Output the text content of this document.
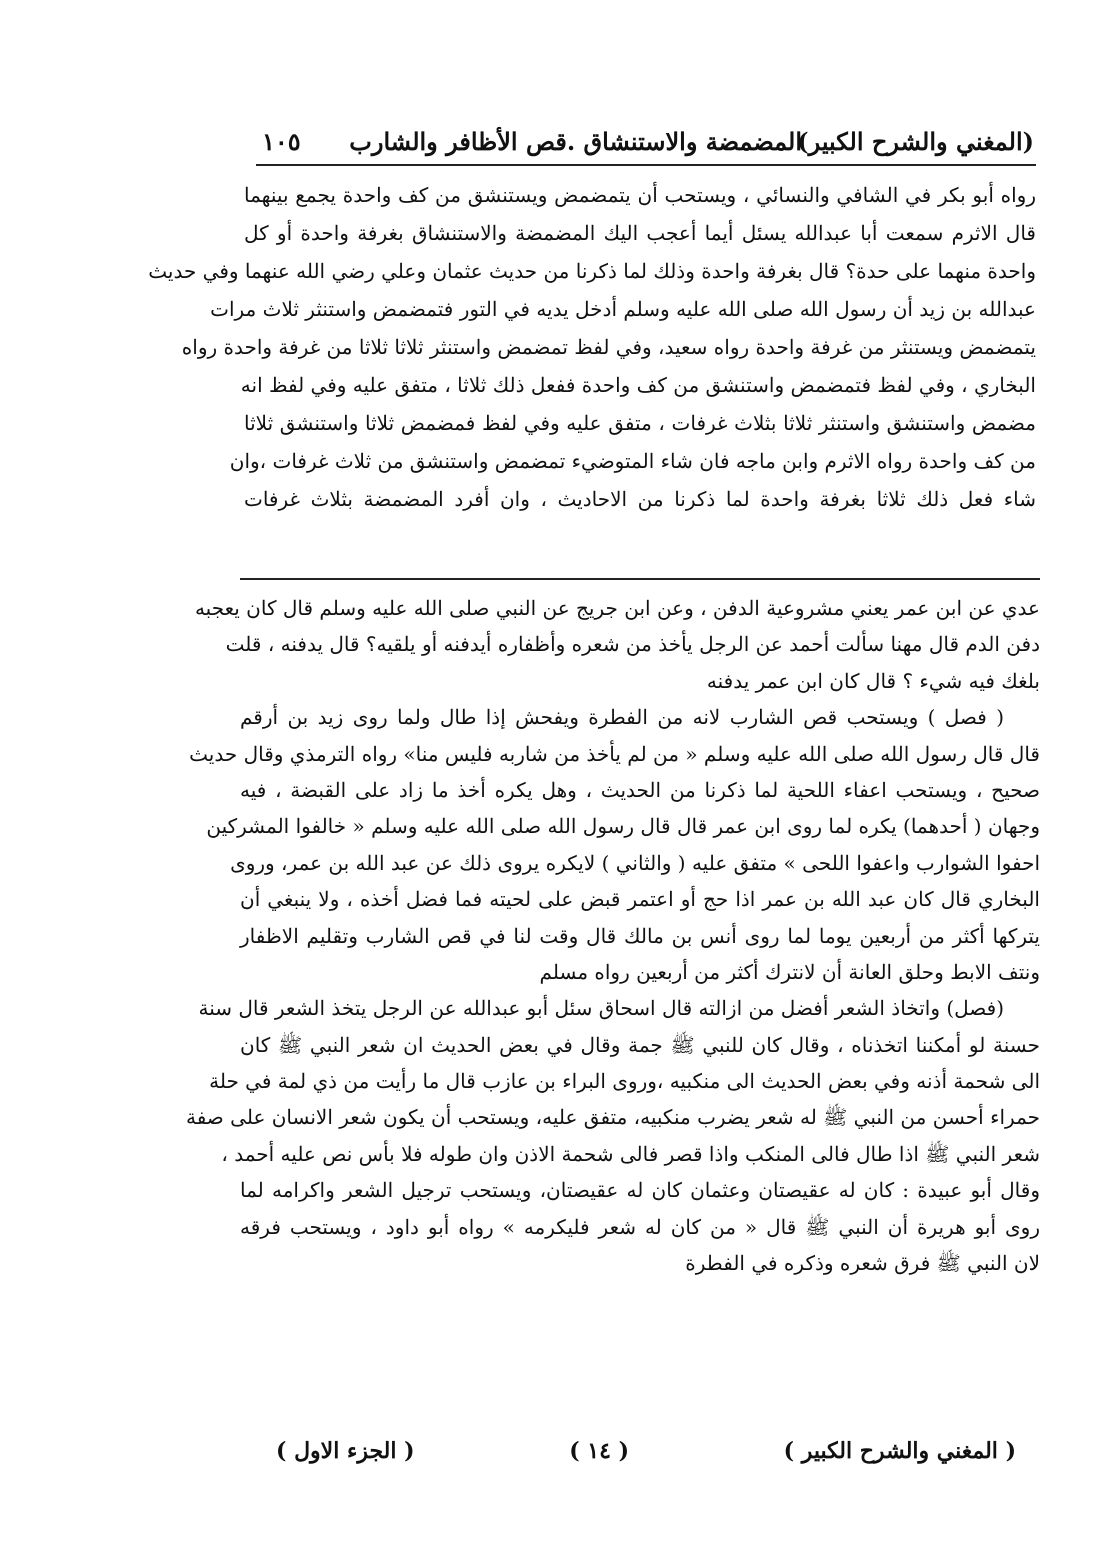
(المغني والشرح الكبير)
المضمضة والاستنشاق .قص الأظافر والشارب
١٠٥
رواه أبو بكر في الشافي والنسائي ، ويستحب أن يتمضمض ويستنشق من كف واحدة يجمع بينهما
قال الاثرم سمعت أبا عبدالله يسئل أيما أعجب اليك المضمضة والاستنشاق بغرفة واحدة أو كل
واحدة منهما على حدة؟ قال بغرفة واحدة وذلك لما ذكرنا من حديث عثمان وعلي رضي الله عنهما وفي حديث
عبدالله بن زيد أن رسول الله صلى الله عليه وسلم أدخل يديه في التور فتمضمض واستنثر ثلاث مرات
يتمضمض ويستنثر من غرفة واحدة رواه سعيد، وفي لفظ تمضمض واستنثر ثلاثا ثلاثا من غرفة واحدة رواه
البخاري ، وفي لفظ فتمضمض واستنشق من كف واحدة ففعل ذلك ثلاثا ، متفق عليه وفي لفظ انه
مضمض واستنشق واستنثر ثلاثا بثلاث غرفات ، متفق عليه وفي لفظ فمضمض ثلاثا واستنشق ثلاثا
من كف واحدة رواه الاثرم وابن ماجه فان شاء المتوضيء تمضمض واستنشق من ثلاث غرفات ،وان
شاء فعل ذلك ثلاثا بغرفة واحدة لما ذكرنا من الاحاديث ، وان أفرد المضمضة بثلاث غرفات
عدي عن ابن عمر يعني مشروعية الدفن ، وعن ابن جريج عن النبي صلى الله عليه وسلم قال كان يعجبه
دفن الدم قال مهنا سألت أحمد عن الرجل يأخذ من شعره وأظفاره أيدفنه أو يلقيه؟ قال يدفنه ، قلت
بلغك فيه شيء ؟ قال كان ابن عمر يدفنه
( فصل ) ويستحب قص الشارب لانه من الفطرة ويفحش إذا طال ولما روى زيد بن أرقم
قال قال رسول الله صلى الله عليه وسلم « من لم يأخذ من شاربه فليس منا» رواه الترمذي وقال حديث
صحيح ، ويستحب اعفاء اللحية لما ذكرنا من الحديث ، وهل يكره أخذ ما زاد على القبضة ، فيه
وجهان ( أحدهما) يكره لما روى ابن عمر قال قال رسول الله صلى الله عليه وسلم « خالفوا المشركين
احفوا الشوارب واعفوا اللحى » متفق عليه ( والثاني ) لايكره يروى ذلك عن عبد الله بن عمر، وروى
البخاري قال كان عبد الله بن عمر اذا حج أو اعتمر قبض على لحيته فما فضل أخذه ، ولا ينبغي أن
يتركها أكثر من أربعين يوما لما روى أنس بن مالك قال وقت لنا في قص الشارب وتقليم الاظفار
ونتف الابط وحلق العانة أن لانترك أكثر من أربعين رواه مسلم
(فصل) واتخاذ الشعر أفضل من ازالته قال اسحاق سئل أبو عبدالله عن الرجل يتخذ الشعر قال سنة
حسنة لو أمكننا اتخذناه ، وقال كان للنبي ﷺ جمة وقال في بعض الحديث ان شعر النبي ﷺ كان
الى شحمة أذنه وفي بعض الحديث الى منكبيه ،وروى البراء بن عازب قال ما رأيت من ذي لمة في حلة
حمراء أحسن من النبي ﷺ له شعر يضرب منكبيه، متفق عليه، ويستحب أن يكون شعر الانسان على صفة
شعر النبي ﷺ اذا طال فالى المنكب واذا قصر فالى شحمة الاذن وان طوله فلا بأس نص عليه أحمد ،
وقال أبو عبيدة : كان له عقيصتان وعثمان كان له عقيصتان، ويستحب ترجيل الشعر واكرامه لما
روى أبو هريرة أن النبي ﷺ قال « من كان له شعر فليكرمه » رواه أبو داود ، ويستحب فرقه
لان النبي ﷺ فرق شعره وذكره في الفطرة
( المغني والشرح الكبير )
( ١٤ )
( الجزء الاول )
